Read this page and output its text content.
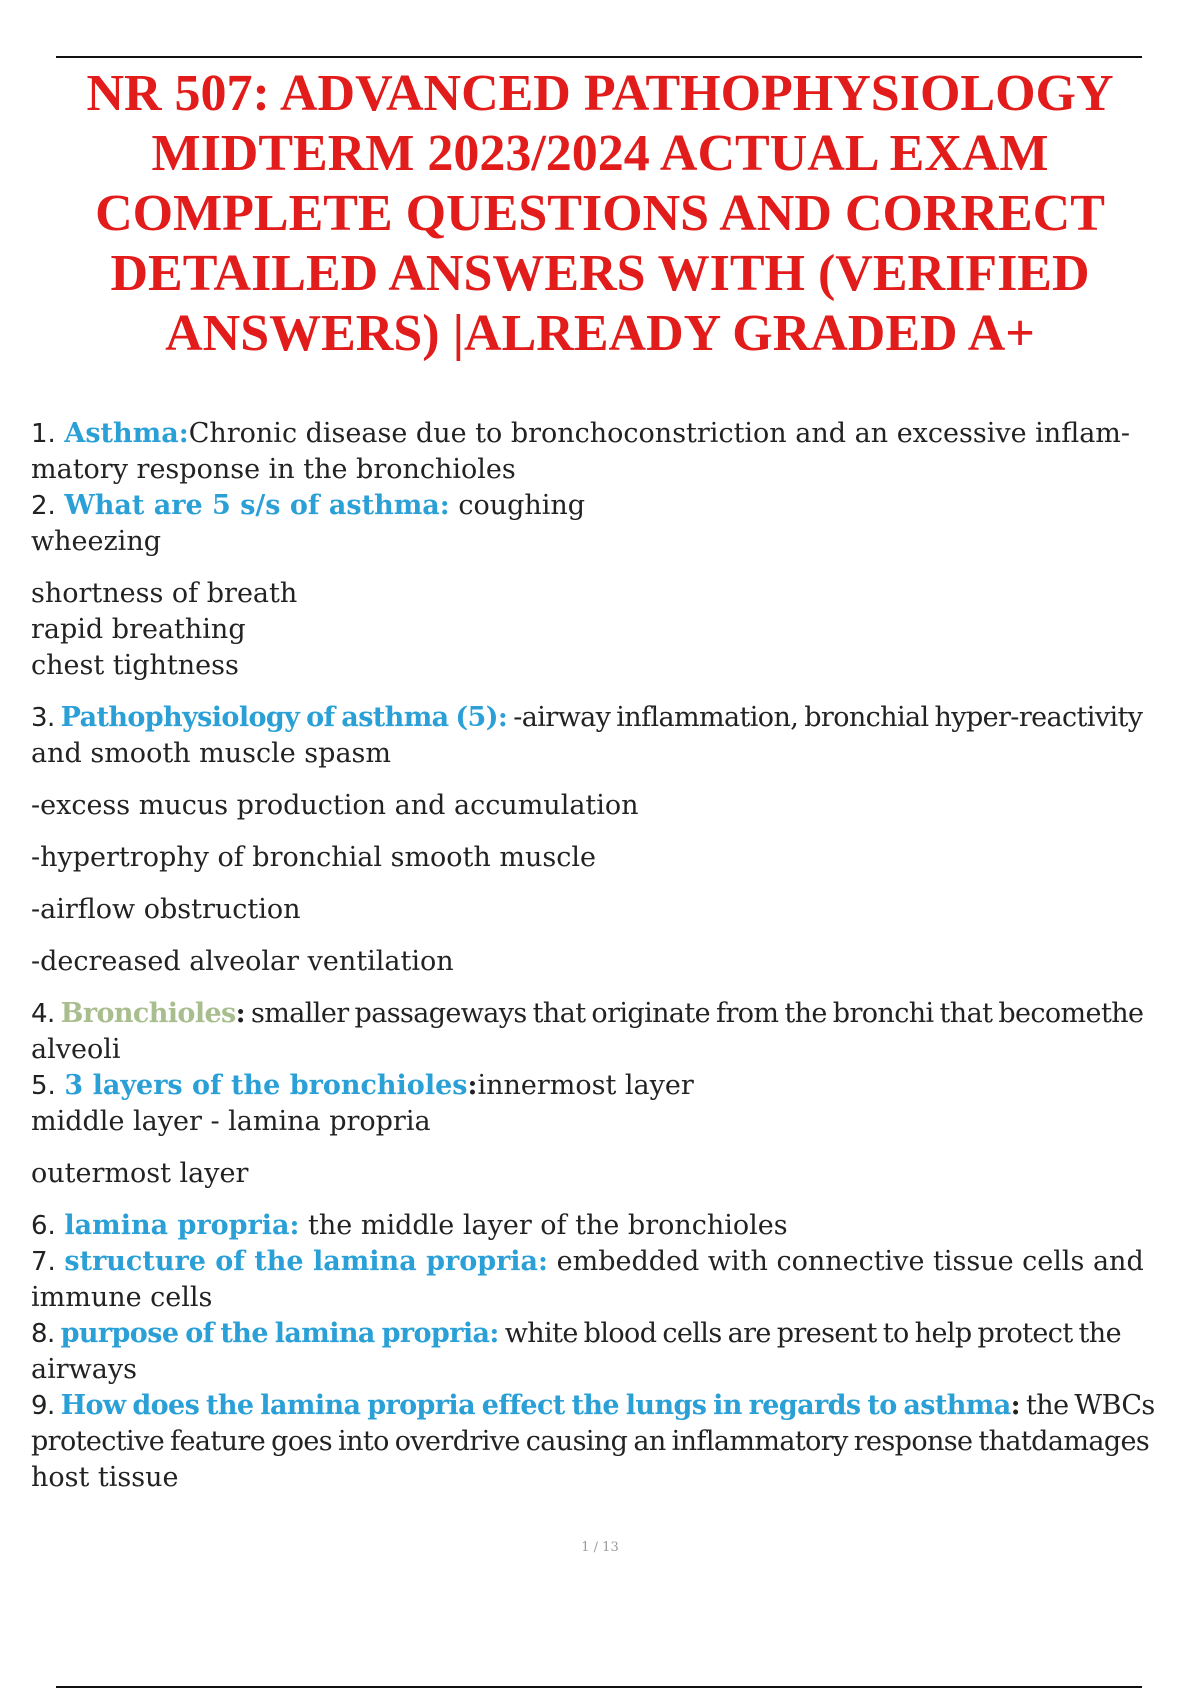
NR 507: ADVANCED PATHOPHYSIOLOGY
MIDTERM 2023/2024 ACTUAL EXAM
COMPLETE QUESTIONS AND CORRECT
DETAILED ANSWERS WITH (VERIFIED
ANSWERS) |ALREADY GRADED A+
1. Asthma:Chronic disease due to bronchoconstriction and an excessive inflam-
matory response in the bronchioles
2. What are 5 s/s of asthma: coughing
wheezing
shortness of breath
rapid breathing
chest tightness
3. Pathophysiology of asthma (5): -airway inflammation, bronchial hyper-reactivity
and smooth muscle spasm
-excess mucus production and accumulation
-hypertrophy of bronchial smooth muscle
-airflow obstruction
-decreased alveolar ventilation
4. Bronchioles: smaller passageways that originate from the bronchi that becomethe
alveoli
5. 3 layers of the bronchioles:innermost layer
middle layer - lamina propria
outermost layer
6. lamina propria: the middle layer of the bronchioles
7. structure of the lamina propria: embedded with connective tissue cells and
immune cells
8. purpose of the lamina propria: white blood cells are present to help protect the
airways
9. How does the lamina propria effect the lungs in regards to asthma: the WBCs
protective feature goes into overdrive causing an inflammatory response thatdamages
host tissue
1 / 13
